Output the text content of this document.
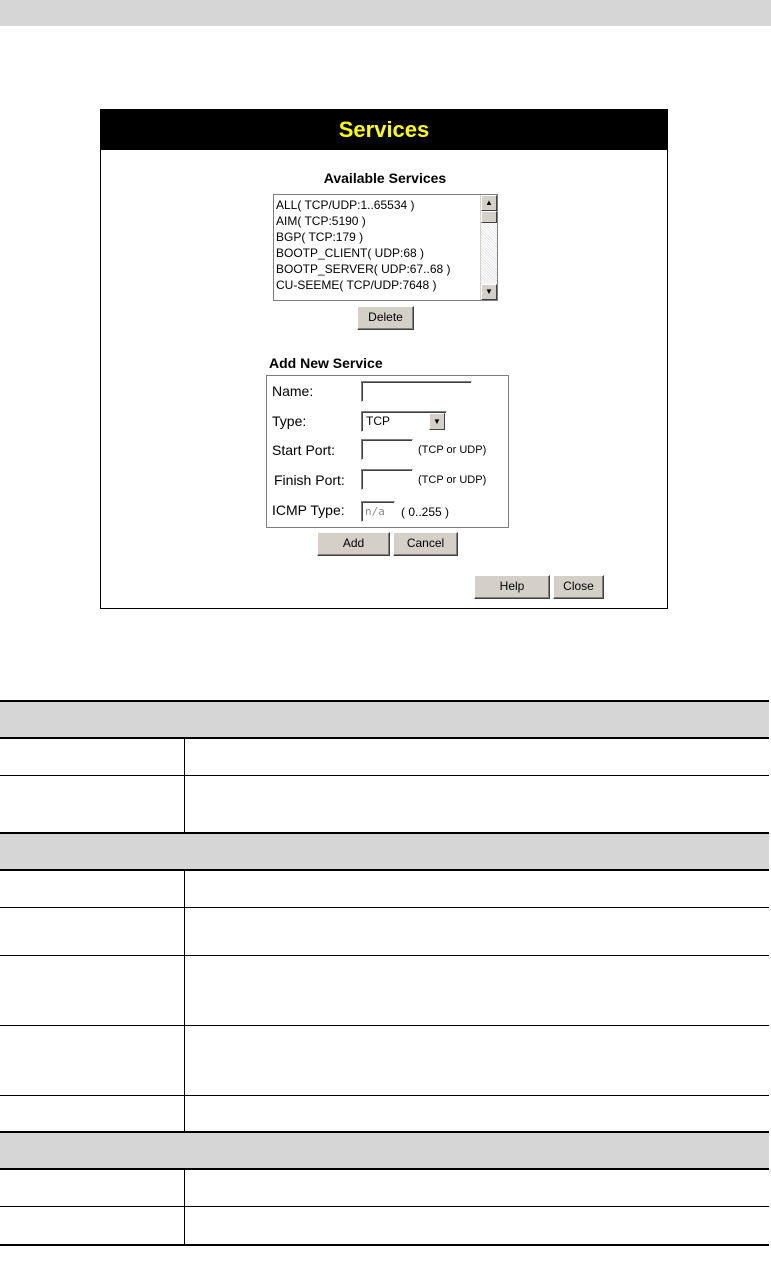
Services
Available Services
ALL( TCP/UDP:1..65534 )
AIM( TCP:5190 )
BGP( TCP:179 )
BOOTP_CLIENT( UDP:68 )
BOOTP_SERVER( UDP:67..68 )
CU-SEEME( TCP/UDP:7648 )
▲
▼
Delete
Add New Service
Name:
Type:	TCP	▼
Start Port:	(TCP or UDP)
Finish Port:	(TCP or UDP)
ICMP Type:	n/a	( 0..255 )
Add	Cancel
Help	Close
